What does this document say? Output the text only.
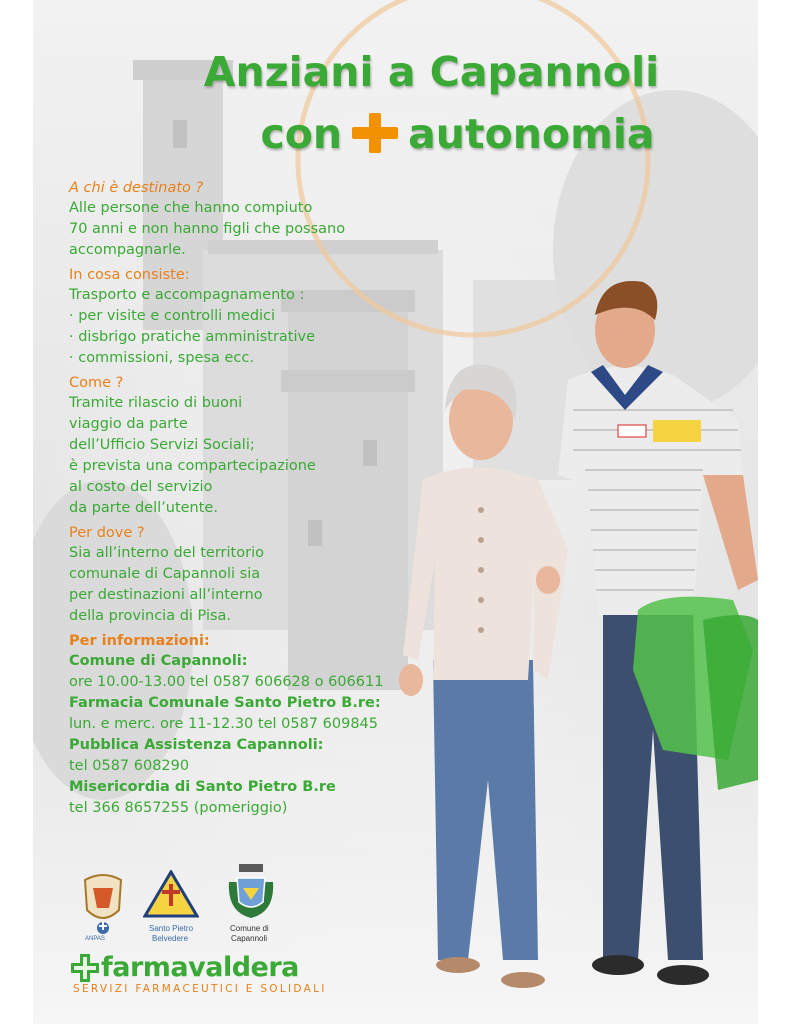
Anziani a Capannoli
con autonomia

A chi è destinato ?

Alle persone che hanno compiuto
70 anni e non hanno figli che possano
accompagnarle.

In cosa consiste:

Trasporto e accompagnamento :
· per visite e controlli medici
· disbrigo pratiche amministrative
· commissioni, spesa ecc.

Come ?

Tramite rilascio di buoni
viaggio da parte
dell’Ufficio Servizi Sociali;
è prevista una compartecipazione
al costo del servizio
da parte dell’utente.

Per dove ?

Sia all’interno del territorio
comunale di Capannoli sia
per destinazioni all’interno
della provincia di Pisa.

Per informazioni:

Comune di Capannoli:
ore 10.00-13.00 tel 0587 606628 o 606611
Farmacia Comunale Santo Pietro B.re:
lun. e merc. ore 11-12.30 tel 0587 609845
Pubblica Assistenza Capannoli:
tel 0587 608290
Misericordia di Santo Pietro B.re
tel 366 8657255 (pomeriggio)
ANPAS
Santo Pietro
Belvedere
Comune di
Capannoli
farmavaldera
SERVIZI FARMACEUTICI E SOLIDALI
